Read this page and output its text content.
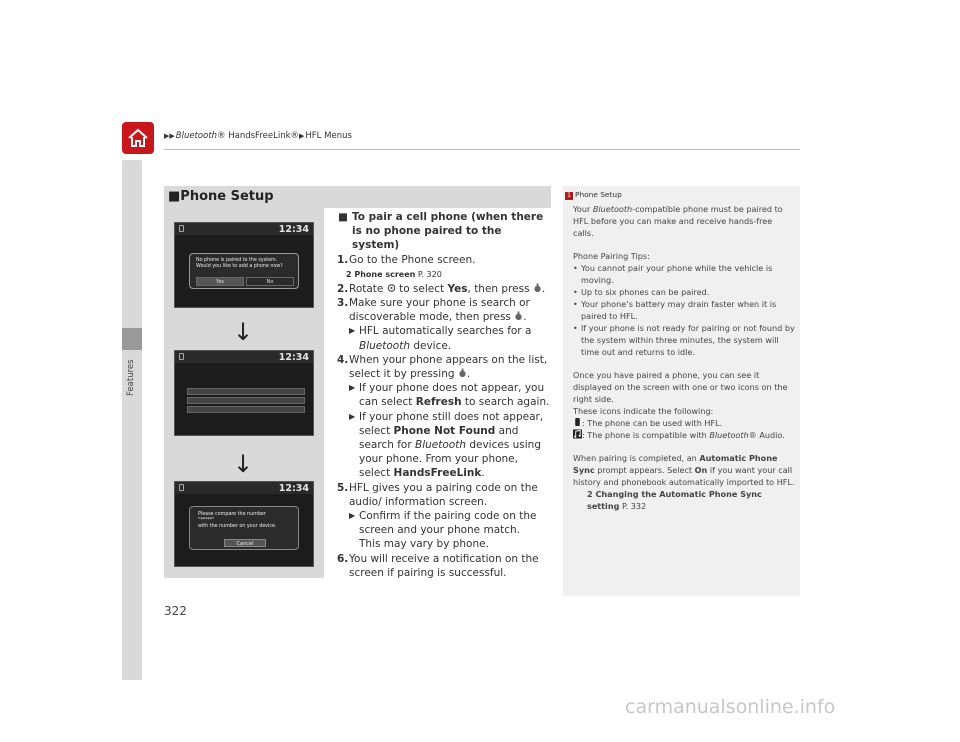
▶▶Bluetooth® HandsFreeLink®▶HFL Menus
Features
■Phone Setup
12:34
No phone is paired to the system.
Would you like to add a phone now?
Yes	No
↓
12:34
↓
12:34
Please compare the number
"*****"
with the number on your device.
Cancel
■ To pair a cell phone (when there is no phone paired to the system)
1. Go to the Phone screen.
2 Phone screen P. 320
2. Rotate to select Yes, then press .
3. Make sure your phone is search or discoverable mode, then press .
▶ HFL automatically searches for a Bluetooth device.
4. When your phone appears on the list, select it by pressing .
▶ If your phone does not appear, you can select Refresh to search again.
▶ If your phone still does not appear, select Phone Not Found and search for Bluetooth devices using your phone. From your phone, select HandsFreeLink.
5. HFL gives you a pairing code on the audio/ information screen.
▶ Confirm if the pairing code on the screen and your phone match.
This may vary by phone.
6. You will receive a notification on the screen if pairing is successful.
1 Phone Setup

Your Bluetooth-compatible phone must be paired to HFL before you can make and receive hands-free calls.

Phone Pairing Tips:

• You cannot pair your phone while the vehicle is moving.
• Up to six phones can be paired.
• Your phone’s battery may drain faster when it is paired to HFL.
• If your phone is not ready for pairing or not found by the system within three minutes, the system will time out and returns to idle.

Once you have paired a phone, you can see it displayed on the screen with one or two icons on the right side.

These icons indicate the following:

: The phone can be used with HFL.

: The phone is compatible with Bluetooth® Audio.

When pairing is completed, an Automatic Phone Sync prompt appears. Select On if you want your call history and phonebook automatically imported to HFL.

2 Changing the Automatic Phone Sync setting P. 332

322
carmanualsonline.info
